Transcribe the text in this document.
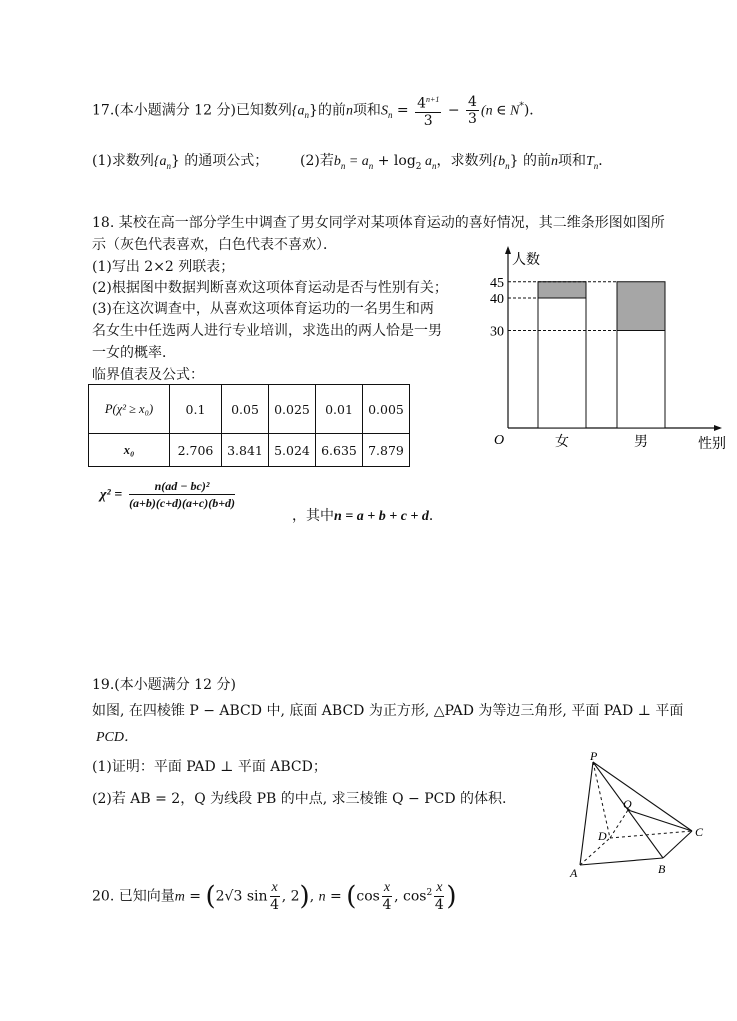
17.(本小题满分 12 分)已知数列$\{a_n\}$的前n项和$S_n = \frac{4^{n+1}}{3} - \frac{4}{3} (n$ ∈ N*)．
(1)求数列$\{a_n\}$ 的通项公式； (2)若$b_n = a_n + \log_2 a_n$，求数列$\{b_n\}$ 的前n项和$T_n$．
18. 某校在高一部分学生中调查了男女同学对某项体育运动的喜好情况，其二维条形图如图所
示（灰色代表喜欢，白色代表不喜欢）．
(1)写出 2×2 列联表；
(2)根据图中数据判断喜欢这项体育运动是否与性别有关；
(3)在这次调查中，从喜欢这项体育运功的一名男生和两
名女生中任选两人进行专业培训，求选出的两人恰是一男
一女的概率．
临界值表及公式：
P(χ² ≥ x₀)	0.1	0.05	0.025	0.01	0.005
x₀	2.706	3.841	5.024	6.635	7.879
$\chi^2 = \frac{\text{n(ad − bc)²}}{(a+b)(c+d)(a+c)(b+d)}$
，其中n = a + b + c + d．
女	男
30
40
45
人数
性别
O
19.(本小题满分 12 分)
如图, 在四棱锥 P − ABCD 中, 底面 ABCD 为正方形, △PAD 为等边三角形, 平面 PAD ⊥ 平面
PCD．
(1)证明：平面 PAD ⊥ 平面 ABCD；
(2)若 AB = 2，Q 为线段 PB 的中点, 求三棱锥 Q − PCD 的体积.
P
Q
D	C
A	B
20. 已知向量m = (2√3 $\sin \frac{x}{4}$ , 2), $n = (\cos \frac{x}{4}$ , $\cos^2 \frac{x}{4}$ )
